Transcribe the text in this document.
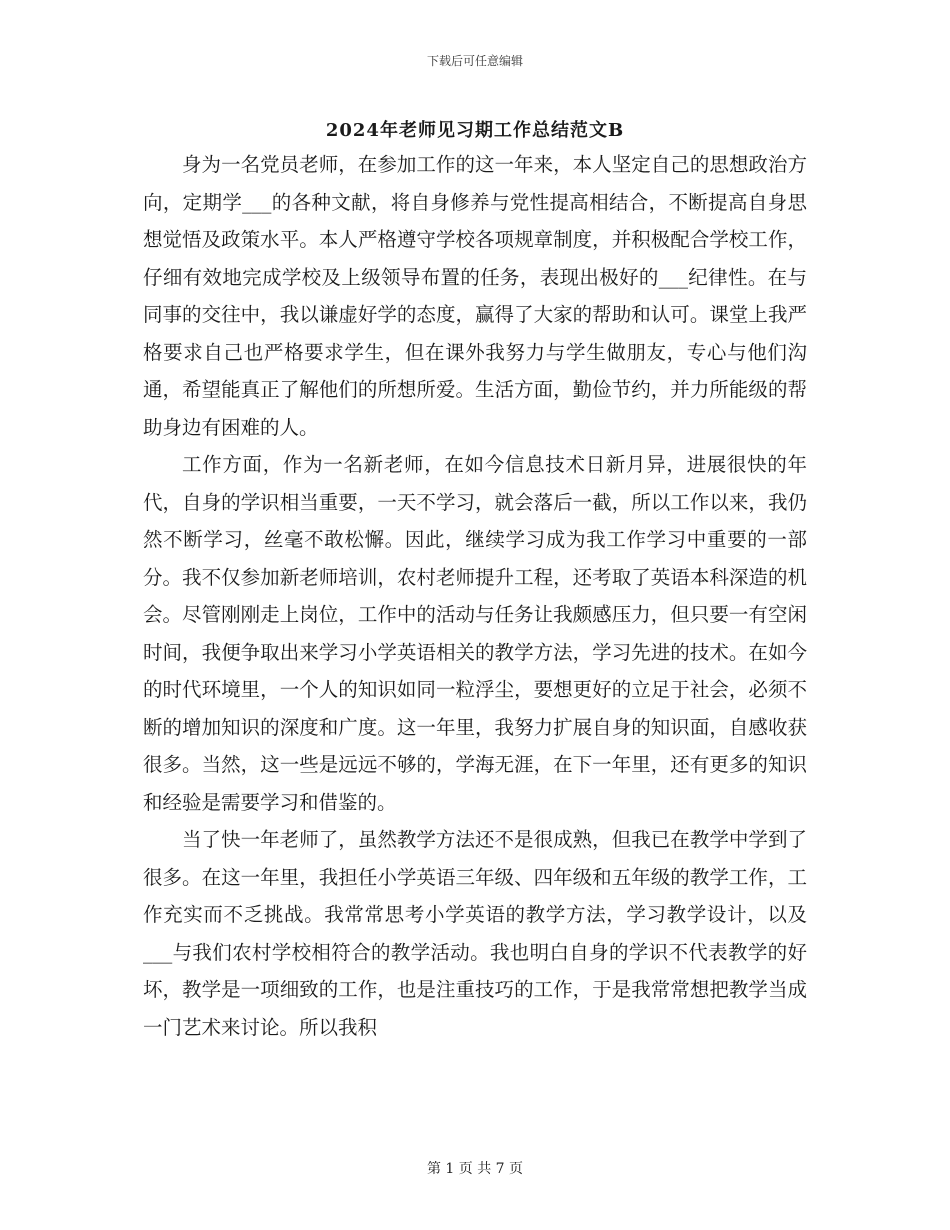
下载后可任意编辑
2024年老师见习期工作总结范文B

身为一名党员老师，在参加工作的这一年来，本人坚定自己的思想政治方向，定期学___的各种文献，将自身修养与党性提高相结合，不断提高自身思想觉悟及政策水平。本人严格遵守学校各项规章制度，并积极配合学校工作，仔细有效地完成学校及上级领导布置的任务，表现出极好的___纪律性。在与同事的交往中，我以谦虚好学的态度，赢得了大家的帮助和认可。课堂上我严格要求自己也严格要求学生，但在课外我努力与学生做朋友，专心与他们沟通，希望能真正了解他们的所想所爱。生活方面，勤俭节约，并力所能级的帮助身边有困难的人。

工作方面，作为一名新老师，在如今信息技术日新月异，进展很快的年代，自身的学识相当重要，一天不学习，就会落后一截，所以工作以来，我仍然不断学习，丝毫不敢松懈。因此，继续学习成为我工作学习中重要的一部分。我不仅参加新老师培训，农村老师提升工程，还考取了英语本科深造的机会。尽管刚刚走上岗位，工作中的活动与任务让我颇感压力，但只要一有空闲时间，我便争取出来学习小学英语相关的教学方法，学习先进的技术。在如今的时代环境里，一个人的知识如同一粒浮尘，要想更好的立足于社会，必须不断的增加知识的深度和广度。这一年里，我努力扩展自身的知识面，自感收获很多。当然，这一些是远远不够的，学海无涯，在下一年里，还有更多的知识和经验是需要学习和借鉴的。

当了快一年老师了，虽然教学方法还不是很成熟，但我已在教学中学到了很多。在这一年里，我担任小学英语三年级、四年级和五年级的教学工作，工作充实而不乏挑战。我常常思考小学英语的教学方法，学习教学设计，以及___与我们农村学校相符合的教学活动。我也明白自身的学识不代表教学的好坏，教学是一项细致的工作，也是注重技巧的工作，于是我常常想把教学当成一门艺术来讨论。所以我积

第 1 页 共 7 页
